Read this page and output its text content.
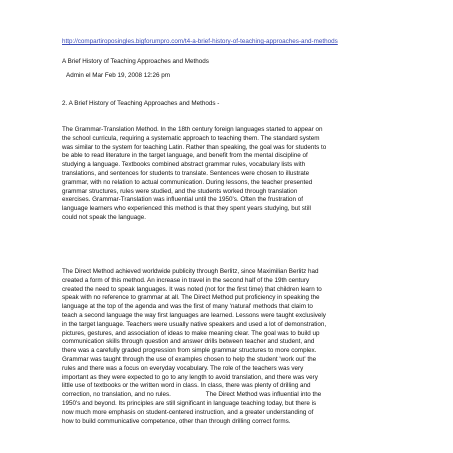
http://compartiroposingles.bigforumpro.com/t4-a-brief-history-of-teaching-approaches-and-methods
A Brief History of Teaching Approaches and Methods
Admin el Mar Feb 19, 2008 12:26 pm
2. A Brief History of Teaching Approaches and Methods -

The Grammar-Translation Method. In the 18th century foreign languages started to appear on
the school curricula, requiring a systematic approach to teaching them. The standard system
was similar to the system for teaching Latin. Rather than speaking, the goal was for students to
be able to read literature in the target language, and benefit from the mental discipline of
studying a language. Textbooks combined abstract grammar rules, vocabulary lists with
translations, and sentences for students to translate. Sentences were chosen to illustrate
grammar, with no relation to actual communication. During lessons, the teacher presented
grammar structures, rules were studied, and the students worked through translation
exercises. Grammar-Translation was influential until the 1950's. Often the frustration of
language learners who experienced this method is that they spent years studying, but still
could not speak the language.

The Direct Method achieved worldwide publicity through Berlitz, since Maximilian Berlitz had
created a form of this method. An increase in travel in the second half of the 19th century
created the need to speak languages. It was noted (not for the first time) that children learn to
speak with no reference to grammar at all. The Direct Method put proficiency in speaking the
language at the top of the agenda and was the first of many 'natural' methods that claim to
teach a second language the way first languages are learned. Lessons were taught exclusively
in the target language. Teachers were usually native speakers and used a lot of demonstration,
pictures, gestures, and association of ideas to make meaning clear. The goal was to build up
communication skills through question and answer drills between teacher and student, and
there was a carefully graded progression from simple grammar structures to more complex.
Grammar was taught through the use of examples chosen to help the student 'work out' the
rules and there was a focus on everyday vocabulary. The role of the teachers was very
important as they were expected to go to any length to avoid translation, and there was very
little use of textbooks or the written word in class. In class, there was plenty of drilling and
correction, no translation, and no rules.                    The Direct Method was influential into the
1950's and beyond. Its principles are still significant in language teaching today, but there is
now much more emphasis on student-centered instruction, and a greater understanding of
how to build communicative competence, other than through drilling correct forms.
